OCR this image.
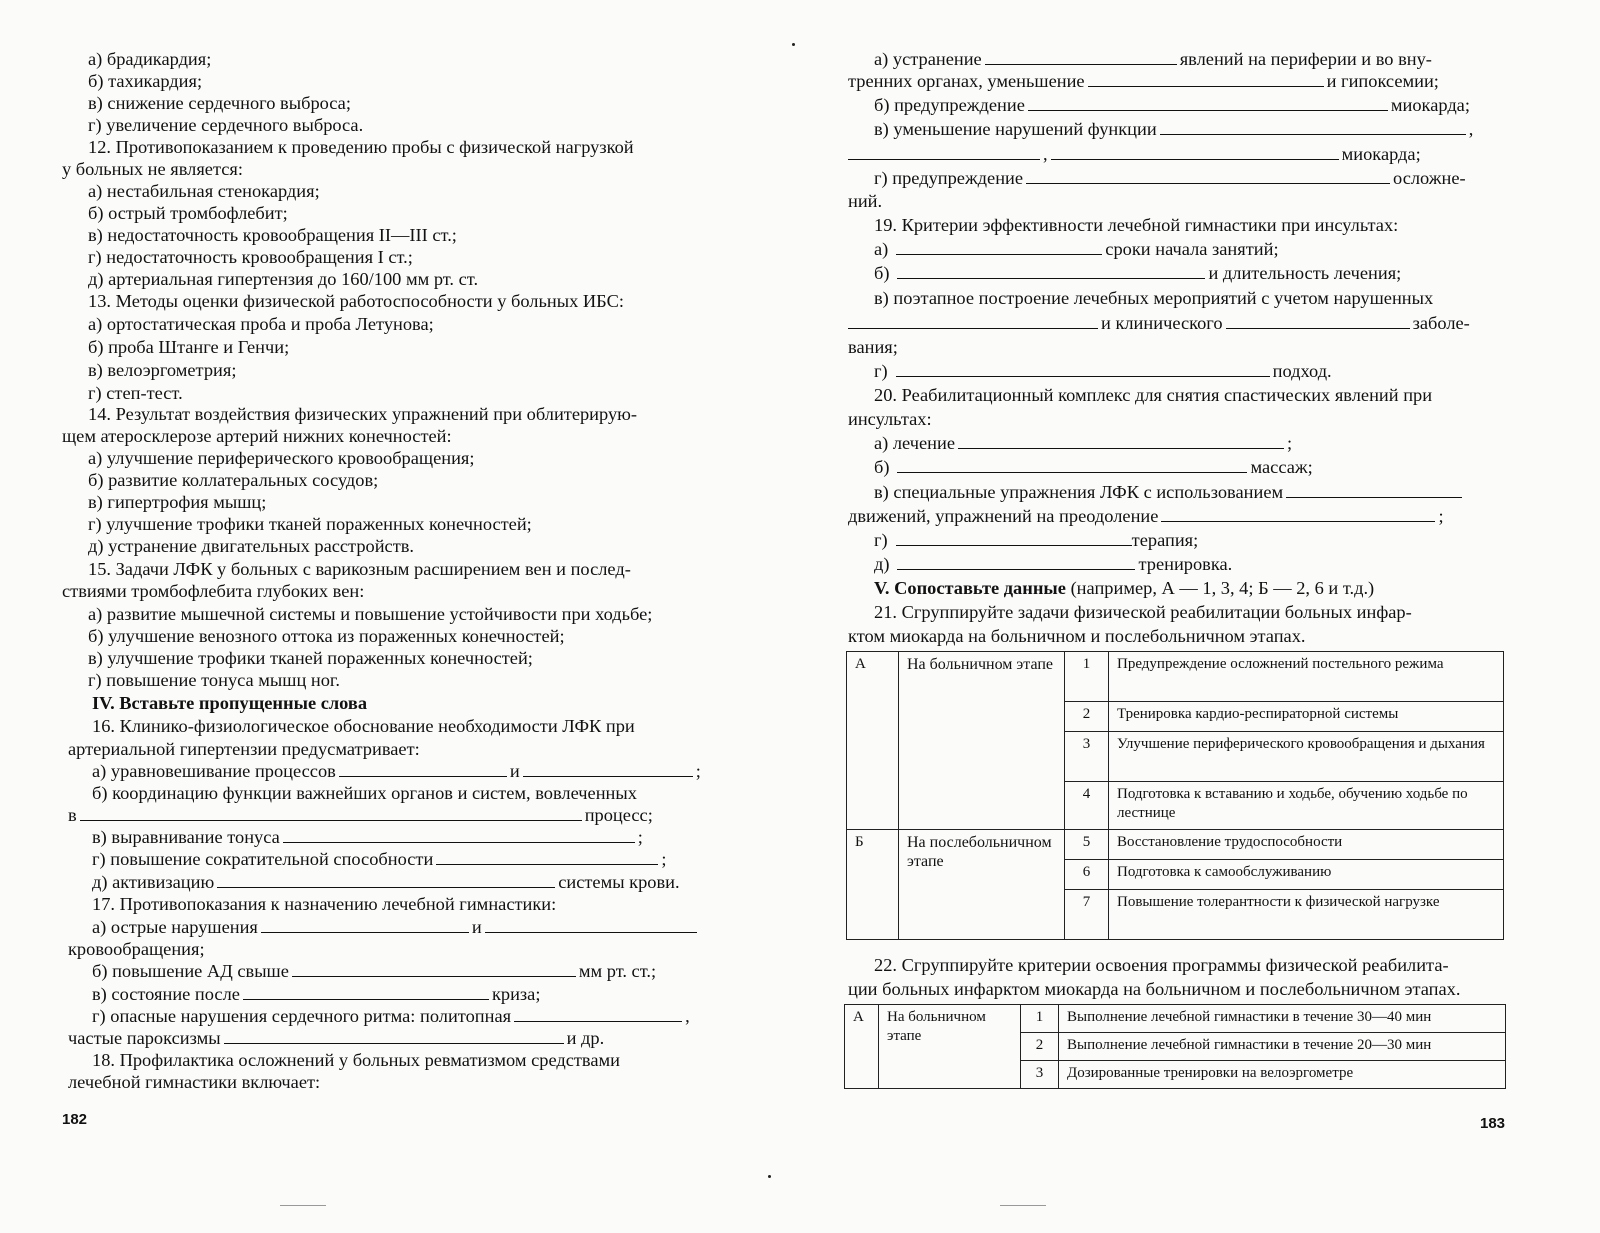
а) брадикардия;
б) тахикардия;
в) снижение сердечного выброса;
г) увеличение сердечного выброса.
12. Противопоказанием к проведению пробы с физической нагрузкой
у больных не является:
а) нестабильная стенокардия;
б) острый тромбофлебит;
в) недостаточность кровообращения II—III ст.;
г) недостаточность кровообращения I ст.;
д) артериальная гипертензия до 160/100 мм рт. ст.
13. Методы оценки физической работоспособности у больных ИБС:
а) ортостатическая проба и проба Летунова;
б) проба Штанге и Генчи;
в) велоэргометрия;
г) степ-тест.
14. Результат воздействия физических упражнений при облитерирую-
щем атеросклерозе артерий нижних конечностей:
а) улучшение периферического кровообращения;
б) развитие коллатеральных сосудов;
в) гипертрофия мышц;
г) улучшение трофики тканей пораженных конечностей;
д) устранение двигательных расстройств.
15. Задачи ЛФК у больных с варикозным расширением вен и послед-
ствиями тромбофлебита глубоких вен:
а) развитие мышечной системы и повышение устойчивости при ходьбе;
б) улучшение венозного оттока из пораженных конечностей;
в) улучшение трофики тканей пораженных конечностей;
г) повышение тонуса мышц ног.
IV. Вставьте пропущенные слова
16. Клинико-физиологическое обоснование необходимости ЛФК при
артериальной гипертензии предусматривает:
а) уравновешивание процессов	и	;
б) координацию функции важнейших органов и систем, вовлеченных
в	процесс;
в) выравнивание тонуса	;
г) повышение сократительной способности	;
д) активизацию	системы крови.
17. Противопоказания к назначению лечебной гимнастики:
а) острые нарушения	и
кровообращения;
б) повышение АД свыше	мм рт. ст.;
в) состояние после	криза;
г) опасные нарушения сердечного ритма: политопная	,
частые пароксизмы	и др.
18. Профилактика осложнений у больных ревматизмом средствами
лечебной гимнастики включает:
182
а) устранение	явлений на периферии и во вну-
тренних органах, уменьшение	и гипоксемии;
б) предупреждение	миокарда;
в) уменьшение нарушений функции	,
,	миокарда;
г) предупреждение	осложне-
ний.
19. Критерии эффективности лечебной гимнастики при инсультах:
а)	сроки начала занятий;
б)	и длительность лечения;
в) поэтапное построение лечебных мероприятий с учетом нарушенных
и клинического	заболе-
вания;
г)	подход.
20. Реабилитационный комплекс для снятия спастических явлений при
инсультах:
а) лечение	;
б)	массаж;
в) специальные упражнения ЛФК с использованием
движений, упражнений на преодоление	;
г)	терапия;
д)	тренировка.
V. Сопоставьте данные (например, А — 1, 3, 4; Б — 2, 6 и т.д.)
21. Сгруппируйте задачи физической реабилитации больных инфар-
ктом миокарда на больничном и послебольничном этапах.
А	На больничном этапе	1	Предупреждение осложнений постельного режима
		2	Тренировка кардио-респираторной системы
		3	Улучшение периферического кровообращения и дыхания
		4	Подготовка к вставанию и ходьбе, обучению ходьбе по лестнице
Б	На послебольничном этапе	5	Восстановление трудоспособности
		6	Подготовка к самообслуживанию
		7	Повышение толерантности к физической нагрузке
22. Сгруппируйте критерии освоения программы физической реабилита-
ции больных инфарктом миокарда на больничном и послебольничном этапах.
А	На больничном этапе	1	Выполнение лечебной гимнастики в течение 30—40 мин
		2	Выполнение лечебной гимнастики в течение 20—30 мин
		3	Дозированные тренировки на велоэргометре
183
